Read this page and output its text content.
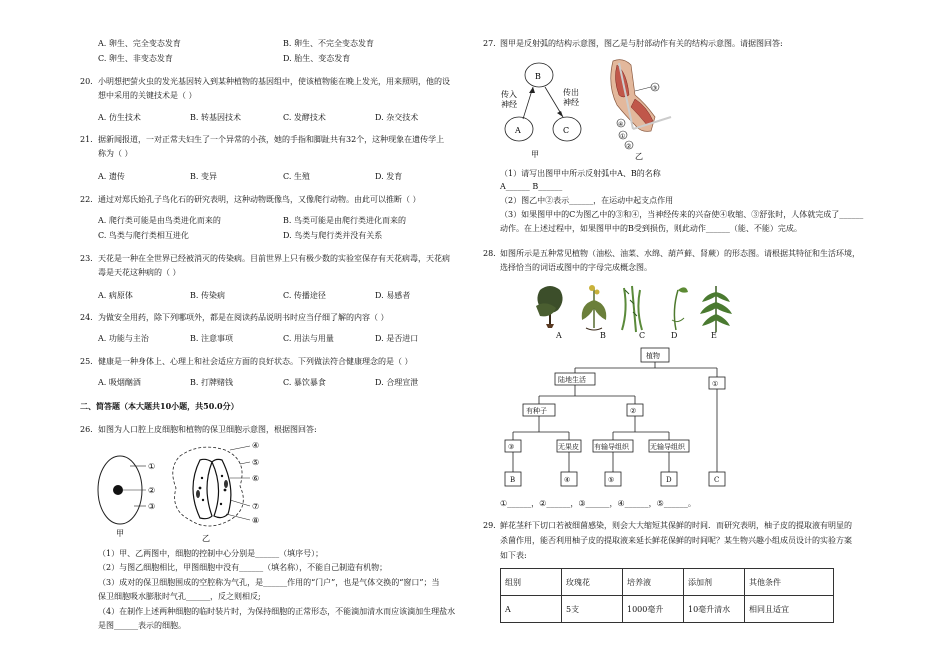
A. 卵生、完全变态发育	B. 卵生、不完全变态发育
C. 卵生、非变态发育	D. 胎生、变态发育
20. 小明想把萤火虫的发光基因转入到某种植物的基因组中，使该植物能在晚上发光，用来照明，他的设
想中采用的关键技术是（ ）
A. 仿生技术	B. 转基因技术	C. 发酵技术	D. 杂交技术
21. 据新闻报道，一对正常夫妇生了一个异常的小孩，她的手指和脚趾共有32个，这种现象在遗传学上
称为（ ）
A. 遗传	B. 变异	C. 生殖	D. 发育
22. 通过对郑氏始孔子鸟化石的研究表明，这种动物既像鸟，又像爬行动物。由此可以推断（ ）
A. 爬行类可能是由鸟类进化而来的	B. 鸟类可能是由爬行类进化而来的
C. 鸟类与爬行类相互进化	D. 鸟类与爬行类并没有关系
23. 天花是一种在全世界已经被消灭的传染病。目前世界上只有极少数的实验室保存有天花病毒，天花病
毒是天花这种病的（ ）
A. 病原体	B. 传染病	C. 传播途径	D. 易感者
24. 为做安全用药，除下列哪项外，都是在阅读药品说明书时应当仔细了解的内容（ ）
A. 功能与主治	B. 注意事项	C. 用法与用量	D. 是否进口
25. 健康是一种身体上、心理上和社会适应方面的良好状态。下列做法符合健康理念的是（ ）
A. 吸烟酗酒	B. 打牌赌钱	C. 暴饮暴食	D. 合理宣泄
二、简答题（本大题共10小题，共50.0分）
26. 如图为人口腔上皮细胞和植物的保卫细胞示意图，根据图回答:
①
②
③
甲
④
⑤
⑥
⑦
⑧
乙
（1）甲、乙两图中，细胞的控制中心分别是______（填序号）；
（2）与图乙细胞相比，甲图细胞中没有______（填名称），不能自己制造有机物；
（3）成对的保卫细胞围成的空腔称为气孔，是______作用的“门户”，也是气体交换的“窗口”；当
保卫细胞吸水膨胀时气孔______，反之则相反;
（4）在制作上述两种细胞的临时装片时，为保持细胞的正常形态，不能滴加清水而应该滴加生理盐水
是图______表示的细胞。
27. 图甲是反射弧的结构示意图，图乙是与肘部动作有关的结构示意图。请据图回答:
B
A	C
传入
神经
传出
神经
甲
③
④
①
②
乙
（1）请写出图甲中所示反射弧中A、B的名称
A______ B______
（2）图乙中②表示______，在运动中起支点作用
（3）如果图甲中的C为图乙中的③和④，当神经传来的兴奋使④收缩、③舒张时，人体就完成了______
动作。在上述过程中，如果图甲中的B受到损伤，则此动作______（能、不能）完成。
28. 如图所示是五种常见植物（油松、油菜、水绵、葫芦藓、肾蕨）的形态图。请根据其特征和生活环境，
选择恰当的词语或图中的字母完成概念图。
A	B	C	D	E
植物
陆地生活	①
有种子	②
③	无果皮 有输导组织	无输导组织
B	④	⑤	D	C
①______，②______，③______，④______，⑤______。
29. 鲜花茎秆下切口若被细菌感染，则会大大缩短其保鲜的时间．而研究表明，柚子皮的提取液有明显的
杀菌作用，能否利用柚子皮的提取液来延长鲜花保鲜的时间呢？某生物兴趣小组成员设计的实验方案
如下表:
组别	玫瑰花	培养液	添加剂	其他条件
A	5支	1000毫升	10毫升清水	相同且适宜
